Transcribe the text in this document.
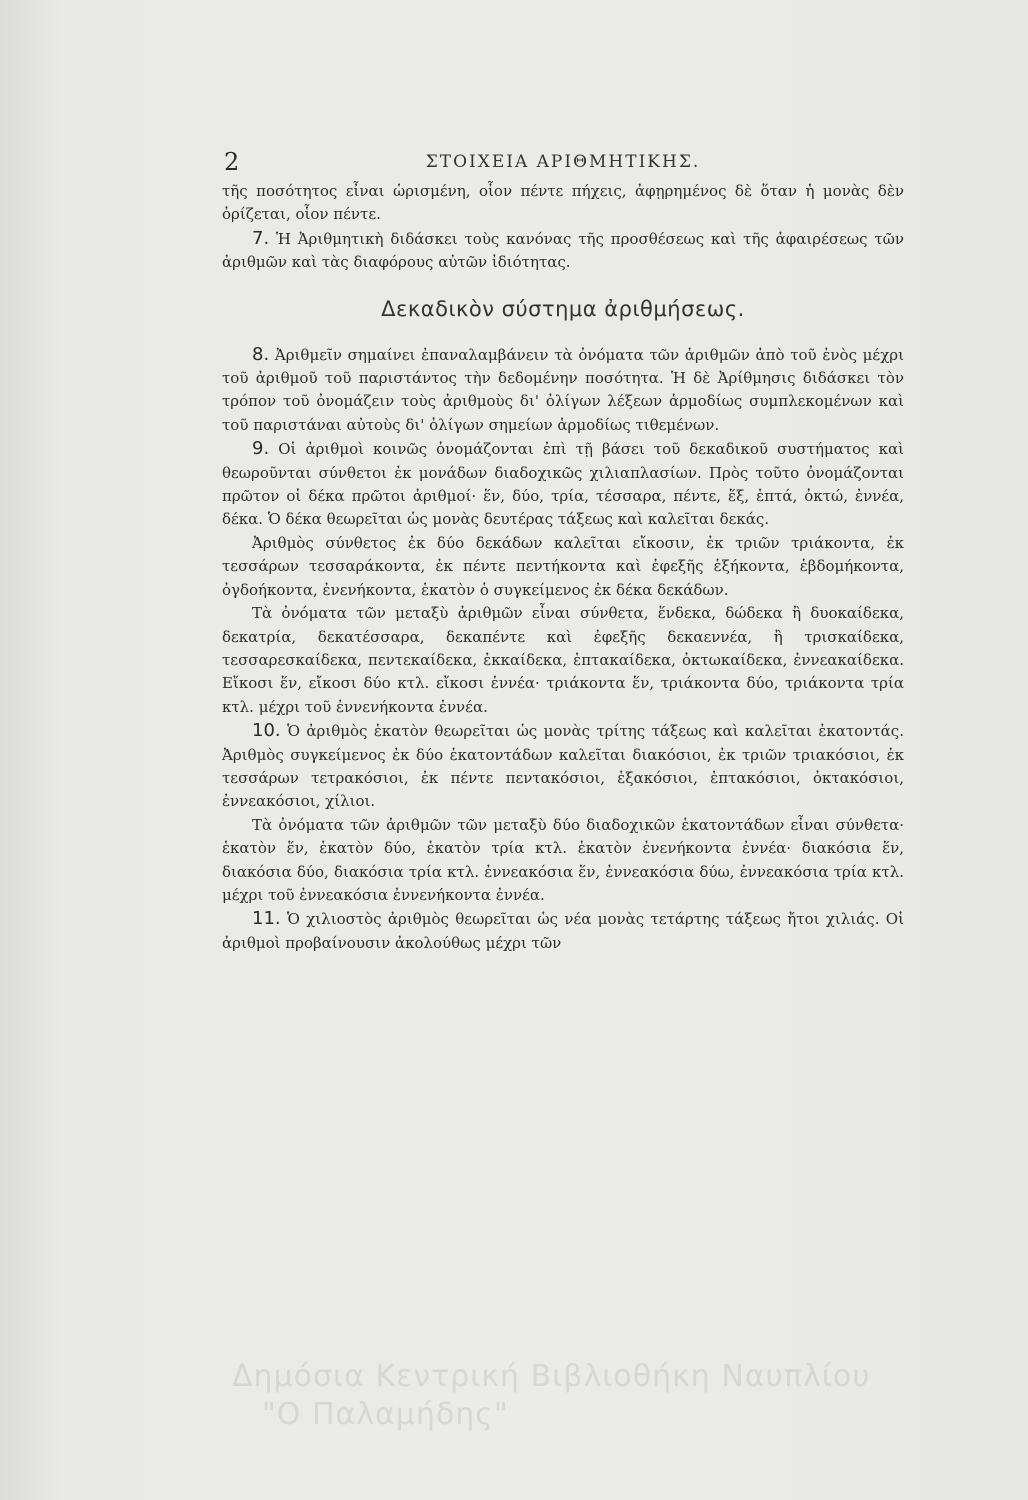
2	ΣΤΟΙΧΕΙΑ ΑΡΙΘΜΗΤΙΚΗΣ.

τῆς ποσότητος εἶναι ὡρισμένη, οἷον πέντε πήχεις, ἀφῃρημένος δὲ ὅταν ἡ μονὰς δὲν ὁρίζεται, οἷον πέντε.

7. Ἡ Ἀριθμητικὴ διδάσκει τοὺς κανόνας τῆς προσθέσεως καὶ τῆς ἀφαιρέσεως τῶν ἀριθμῶν καὶ τὰς διαφόρους αὐτῶν ἰδιότητας.

Δεκαδικὸν σύστημα ἀριθμήσεως.

8. Ἀριθμεῖν σημαίνει ἐπαναλαμβάνειν τὰ ὀνόματα τῶν ἀριθμῶν ἀπὸ τοῦ ἑνὸς μέχρι τοῦ ἀριθμοῦ τοῦ παριστάντος τὴν δεδομένην ποσότητα. Ἡ δὲ Ἀρίθμησις διδάσκει τὸν τρόπον τοῦ ὀνομάζειν τοὺς ἀριθμοὺς δι' ὀλίγων λέξεων ἁρμοδίως συμπλεκομένων καὶ τοῦ παριστάναι αὐτοὺς δι' ὀλίγων σημείων ἁρμοδίως τιθεμένων.

9. Οἱ ἀριθμοὶ κοινῶς ὀνομάζονται ἐπὶ τῇ βάσει τοῦ δεκαδικοῦ συστήματος καὶ θεωροῦνται σύνθετοι ἐκ μονάδων διαδοχικῶς χιλιαπλασίων. Πρὸς τοῦτο ὀνομάζονται πρῶτον οἱ δέκα πρῶτοι ἀριθμοί· ἕν, δύο, τρία, τέσσαρα, πέντε, ἕξ, ἑπτά, ὀκτώ, ἐννέα, δέκα. Ὁ δέκα θεωρεῖται ὡς μονὰς δευτέρας τάξεως καὶ καλεῖται δεκάς.

Ἀριθμὸς σύνθετος ἐκ δύο δεκάδων καλεῖται εἴκοσιν, ἐκ τριῶν τριάκοντα, ἐκ τεσσάρων τεσσαράκοντα, ἐκ πέντε πεντήκοντα καὶ ἐφεξῆς ἑξήκοντα, ἑβδομήκοντα, ὀγδοήκοντα, ἐνενήκοντα, ἑκατὸν ὁ συγκείμενος ἐκ δέκα δεκάδων.

Τὰ ὀνόματα τῶν μεταξὺ ἀριθμῶν εἶναι σύνθετα, ἕνδεκα, δώδεκα ἢ δυοκαίδεκα, δεκατρία, δεκατέσσαρα, δεκαπέντε καὶ ἐφεξῆς δεκαεννέα, ἢ τρισκαίδεκα, τεσσαρεσκαίδεκα, πεντεκαίδεκα, ἑκκαίδεκα, ἑπτακαίδεκα, ὀκτωκαίδεκα, ἐννεακαίδεκα. Εἴκοσι ἕν, εἴκοσι δύο κτλ. εἴκοσι ἐννέα· τριάκοντα ἕν, τριάκοντα δύο, τριάκοντα τρία κτλ. μέχρι τοῦ ἐννενήκοντα ἐννέα.

10. Ὁ ἀριθμὸς ἑκατὸν θεωρεῖται ὡς μονὰς τρίτης τάξεως καὶ καλεῖται ἑκατοντάς. Ἀριθμὸς συγκείμενος ἐκ δύο ἑκατοντάδων καλεῖται διακόσιοι, ἐκ τριῶν τριακόσιοι, ἐκ τεσσάρων τετρακόσιοι, ἐκ πέντε πεντακόσιοι, ἑξακόσιοι, ἑπτακόσιοι, ὀκτακόσιοι, ἐννεακόσιοι, χίλιοι.

Τὰ ὀνόματα τῶν ἀριθμῶν τῶν μεταξὺ δύο διαδοχικῶν ἑκατοντάδων εἶναι σύνθετα· ἑκατὸν ἕν, ἑκατὸν δύο, ἑκατὸν τρία κτλ. ἑκατὸν ἐνενήκοντα ἐννέα· διακόσια ἕν, διακόσια δύο, διακόσια τρία κτλ. ἐννεακόσια ἕν, ἐννεακόσια δύω, ἐννεακόσια τρία κτλ. μέχρι τοῦ ἐννεακόσια ἐννενήκοντα ἐννέα.

11. Ὁ χιλιοστὸς ἀριθμὸς θεωρεῖται ὡς νέα μονὰς τετάρτης τάξεως ἤτοι χιλιάς. Οἱ ἀριθμοὶ προβαίνουσιν ἀκολούθως μέχρι τῶν

Δημόσια Κεντρική Βιβλιοθήκη Ναυπλίου
"Ο Παλαμήδης"
